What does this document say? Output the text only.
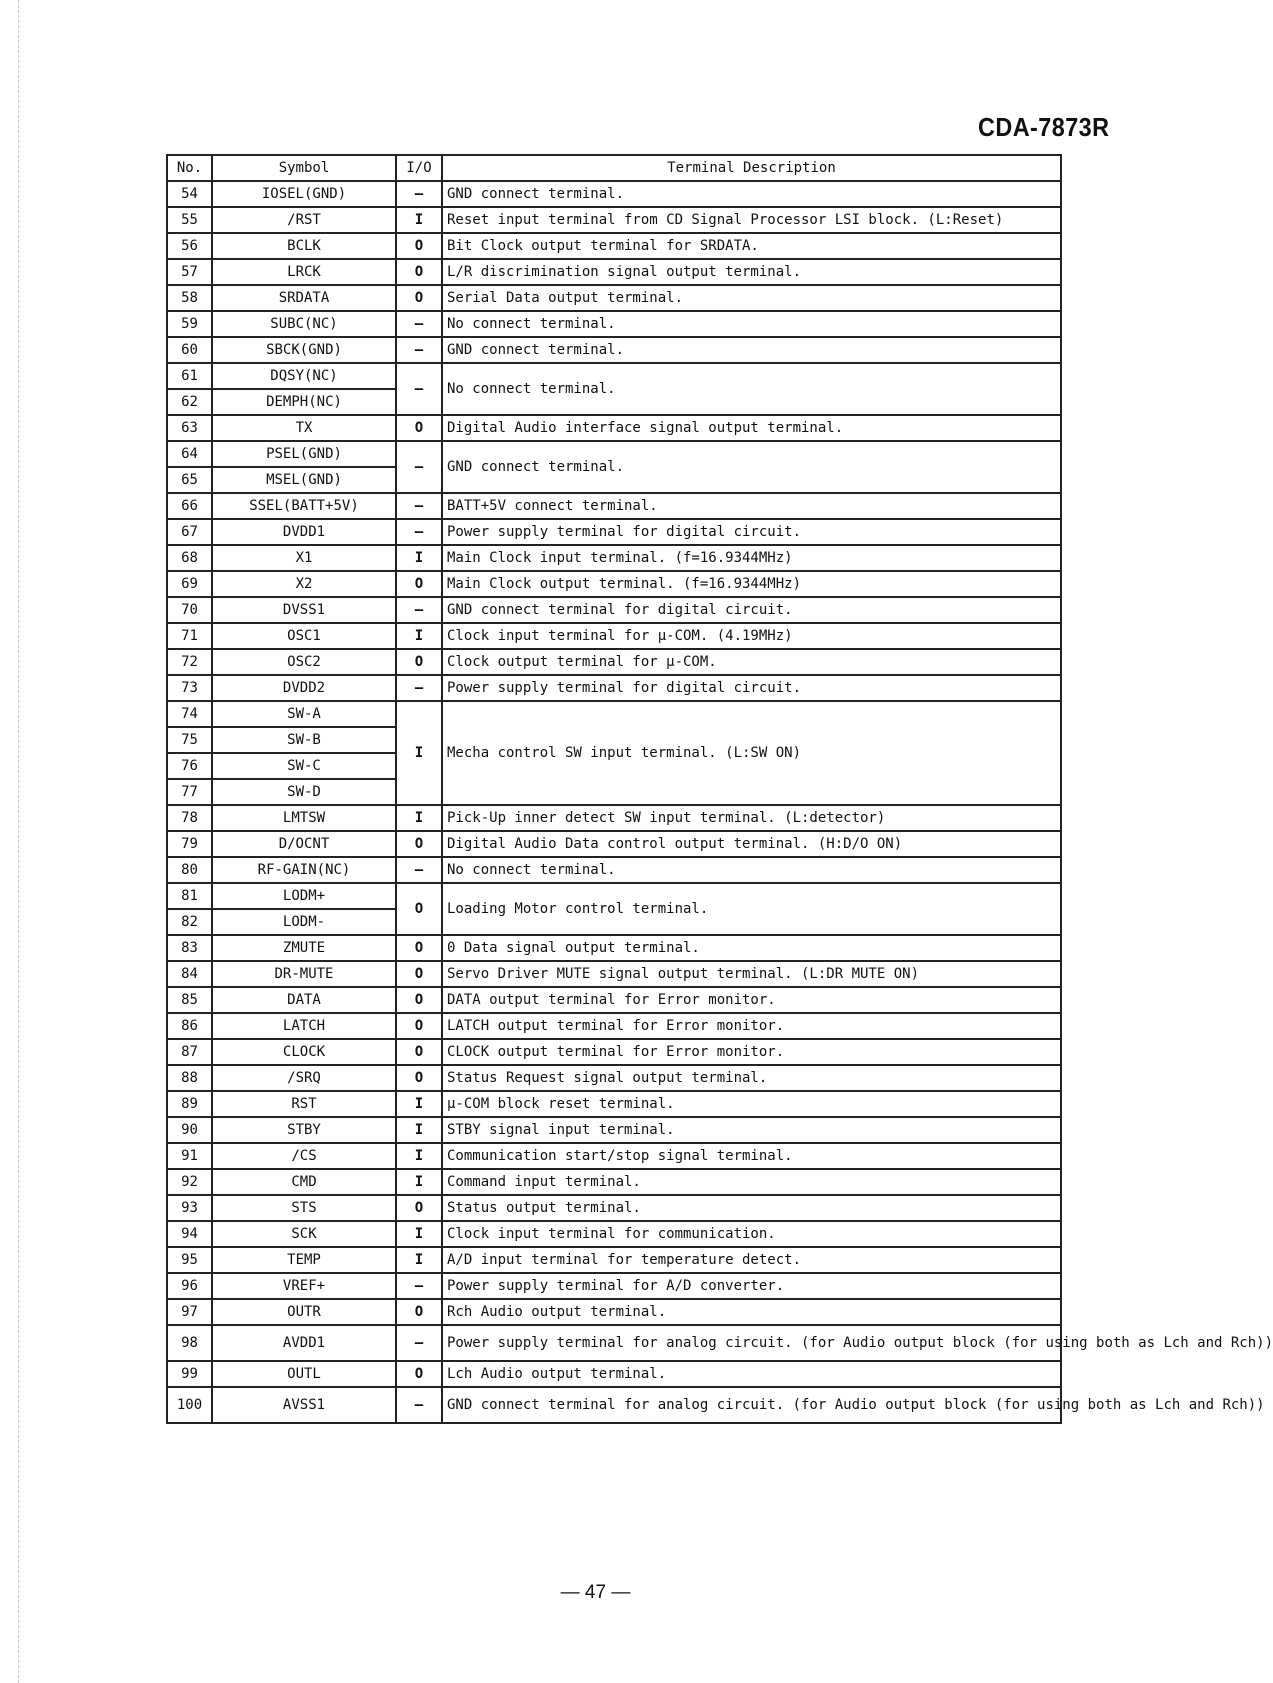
CDA-7873R
No.	Symbol	I/O	Terminal Description
54	IOSEL(GND)	–	GND connect terminal.
55	/RST	I	Reset input terminal from CD Signal Processor LSI block. (L:Reset)
56	BCLK	O	Bit Clock output terminal for SRDATA.
57	LRCK	O	L/R discrimination signal output terminal.
58	SRDATA	O	Serial Data output terminal.
59	SUBC(NC)	–	No connect terminal.
60	SBCK(GND)	–	GND connect terminal.
61	DQSY(NC)	–	No connect terminal.
62	DEMPH(NC)		
63	TX	O	Digital Audio interface signal output terminal.
64	PSEL(GND)	–	GND connect terminal.
65	MSEL(GND)		
66	SSEL(BATT+5V)	–	BATT+5V connect terminal.
67	DVDD1	–	Power supply terminal for digital circuit.
68	X1	I	Main Clock input terminal. (f=16.9344MHz)
69	X2	O	Main Clock output terminal. (f=16.9344MHz)
70	DVSS1	–	GND connect terminal for digital circuit.
71	OSC1	I	Clock input terminal for μ-COM. (4.19MHz)
72	OSC2	O	Clock output terminal for μ-COM.
73	DVDD2	–	Power supply terminal for digital circuit.
74	SW-A	I	Mecha control SW input terminal. (L:SW ON)
75	SW-B		
76	SW-C		
77	SW-D		
78	LMTSW	I	Pick-Up inner detect SW input terminal. (L:detector)
79	D/OCNT	O	Digital Audio Data control output terminal. (H:D/O ON)
80	RF-GAIN(NC)	–	No connect terminal.
81	LODM+	O	Loading Motor control terminal.
82	LODM-		
83	ZMUTE	O	0 Data signal output terminal.
84	DR-MUTE	O	Servo Driver MUTE signal output terminal. (L:DR MUTE ON)
85	DATA	O	DATA output terminal for Error monitor.
86	LATCH	O	LATCH output terminal for Error monitor.
87	CLOCK	O	CLOCK output terminal for Error monitor.
88	/SRQ	O	Status Request signal output terminal.
89	RST	I	μ-COM block reset terminal.
90	STBY	I	STBY signal input terminal.
91	/CS	I	Communication start/stop signal terminal.
92	CMD	I	Command input terminal.
93	STS	O	Status output terminal.
94	SCK	I	Clock input terminal for communication.
95	TEMP	I	A/D input terminal for temperature detect.
96	VREF+	–	Power supply terminal for A/D converter.
97	OUTR	O	Rch Audio output terminal.
98	AVDD1	–	Power supply terminal for analog circuit. (for Audio output block (for using both as Lch and Rch))
99	OUTL	O	Lch Audio output terminal.
100	AVSS1	–	GND connect terminal for analog circuit. (for Audio output block (for using both as Lch and Rch))
— 47 —
